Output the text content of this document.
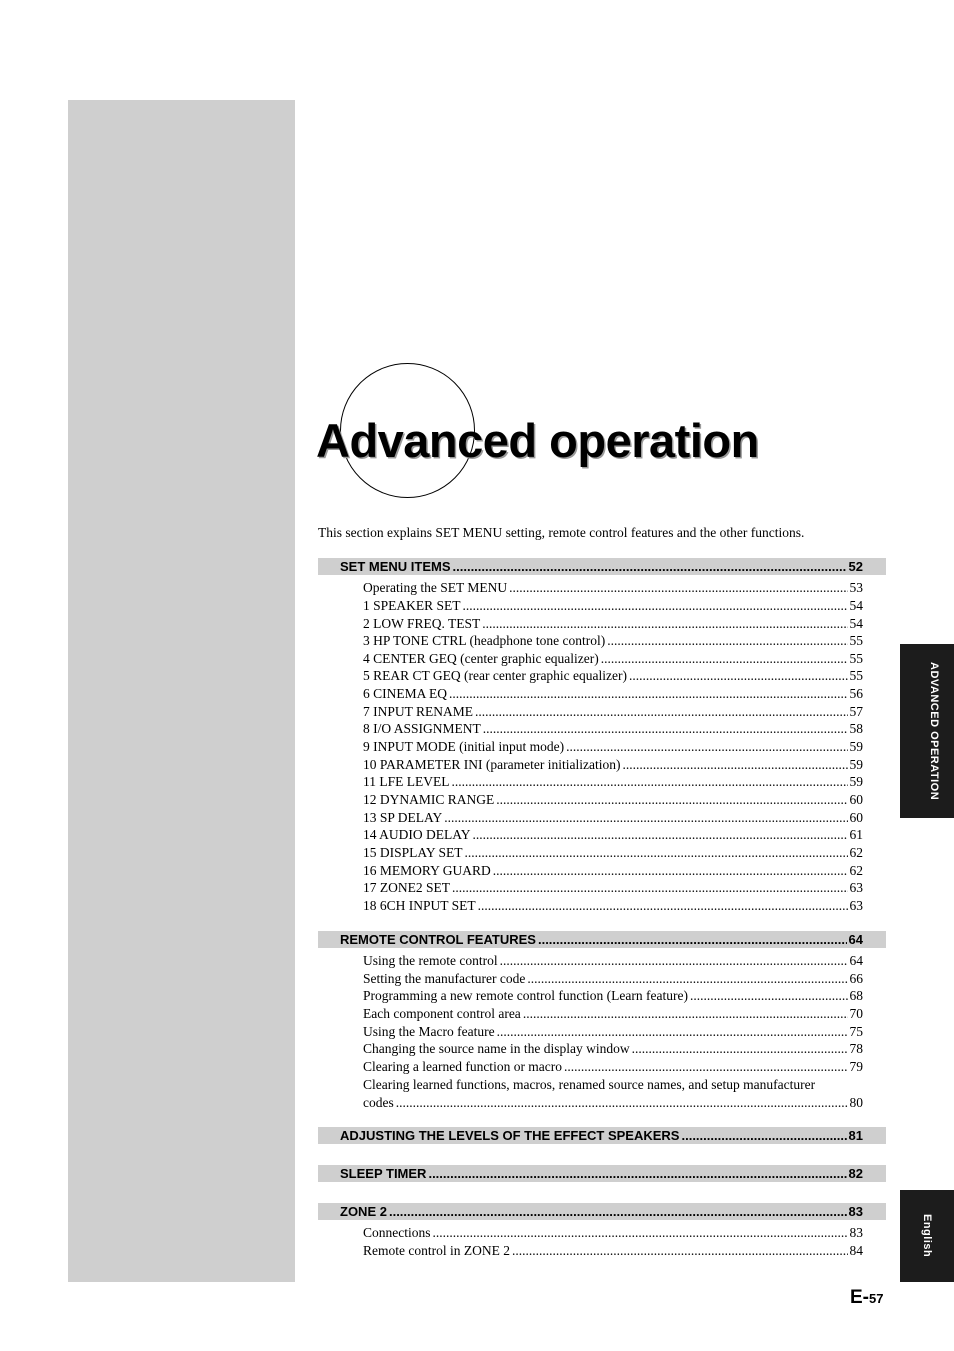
Advanced operation
This section explains SET MENU setting, remote control features and the other functions.
SET MENU ITEMS .....	52
Operating the SET MENU .....	53
1 SPEAKER SET .....	54
2 LOW FREQ. TEST .....	54
3 HP TONE CTRL (headphone tone control) .....	55
4 CENTER GEQ (center graphic equalizer) .....	55
5 REAR CT GEQ (rear center graphic equalizer) .....	55
6 CINEMA EQ .....	56
7 INPUT RENAME .....	57
8 I/O ASSIGNMENT .....	58
9 INPUT MODE (initial input mode) .....	59
10 PARAMETER INI (parameter initialization) .....	59
11 LFE LEVEL .....	59
12 DYNAMIC RANGE .....	60
13 SP DELAY .....	60
14 AUDIO DELAY .....	61
15 DISPLAY SET .....	62
16 MEMORY GUARD .....	62
17 ZONE2 SET .....	63
18 6CH INPUT SET .....	63
REMOTE CONTROL FEATURES .....	64
Using the remote control .....	64
Setting the manufacturer code .....	66
Programming a new remote control function (Learn feature) .....	68
Each component control area .....	70
Using the Macro feature .....	75
Changing the source name in the display window .....	78
Clearing a learned function or macro .....	79
Clearing learned functions, macros, renamed source names, and setup manufacturer
codes .....	80
ADJUSTING THE LEVELS OF THE EFFECT SPEAKERS .....	81
SLEEP TIMER .....	82
ZONE 2 .....	83
Connections .....	83
Remote control in ZONE 2 .....	84
ADVANCED OPERATION
English
E-57
